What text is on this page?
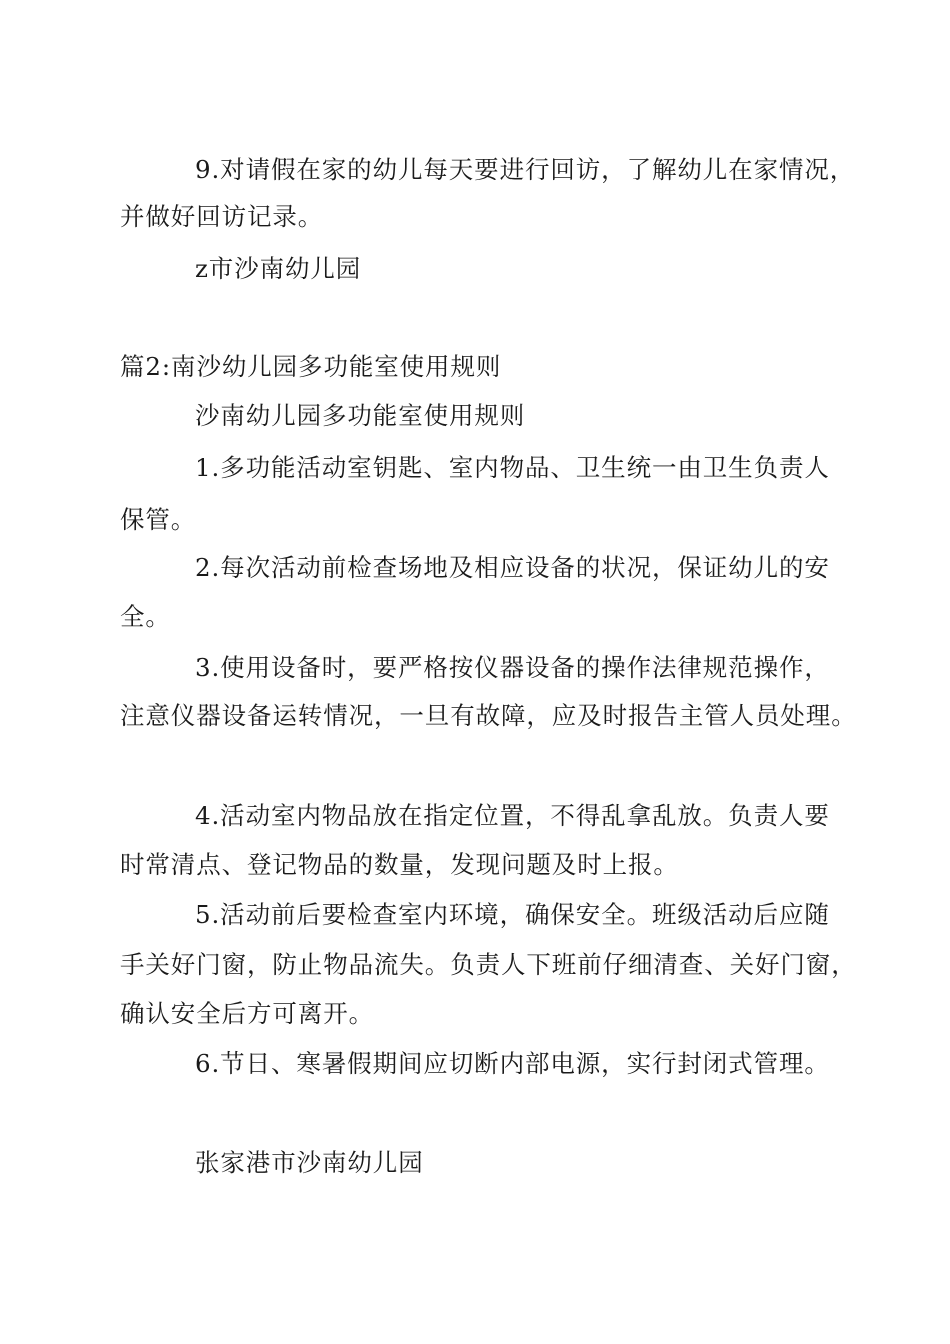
9.对请假在家的幼儿每天要进行回访，了解幼儿在家情况，
并做好回访记录。
z市沙南幼儿园
篇2:南沙幼儿园多功能室使用规则
沙南幼儿园多功能室使用规则
1.多功能活动室钥匙、室内物品、卫生统一由卫生负责人
保管。
2.每次活动前检查场地及相应设备的状况，保证幼儿的安
全。
3.使用设备时，要严格按仪器设备的操作法律规范操作，
注意仪器设备运转情况，一旦有故障，应及时报告主管人员处理。
4.活动室内物品放在指定位置，不得乱拿乱放。负责人要
时常清点、登记物品的数量，发现问题及时上报。
5.活动前后要检查室内环境，确保安全。班级活动后应随
手关好门窗，防止物品流失。负责人下班前仔细清查、关好门窗，
确认安全后方可离开。
6.节日、寒暑假期间应切断内部电源，实行封闭式管理。
张家港市沙南幼儿园
